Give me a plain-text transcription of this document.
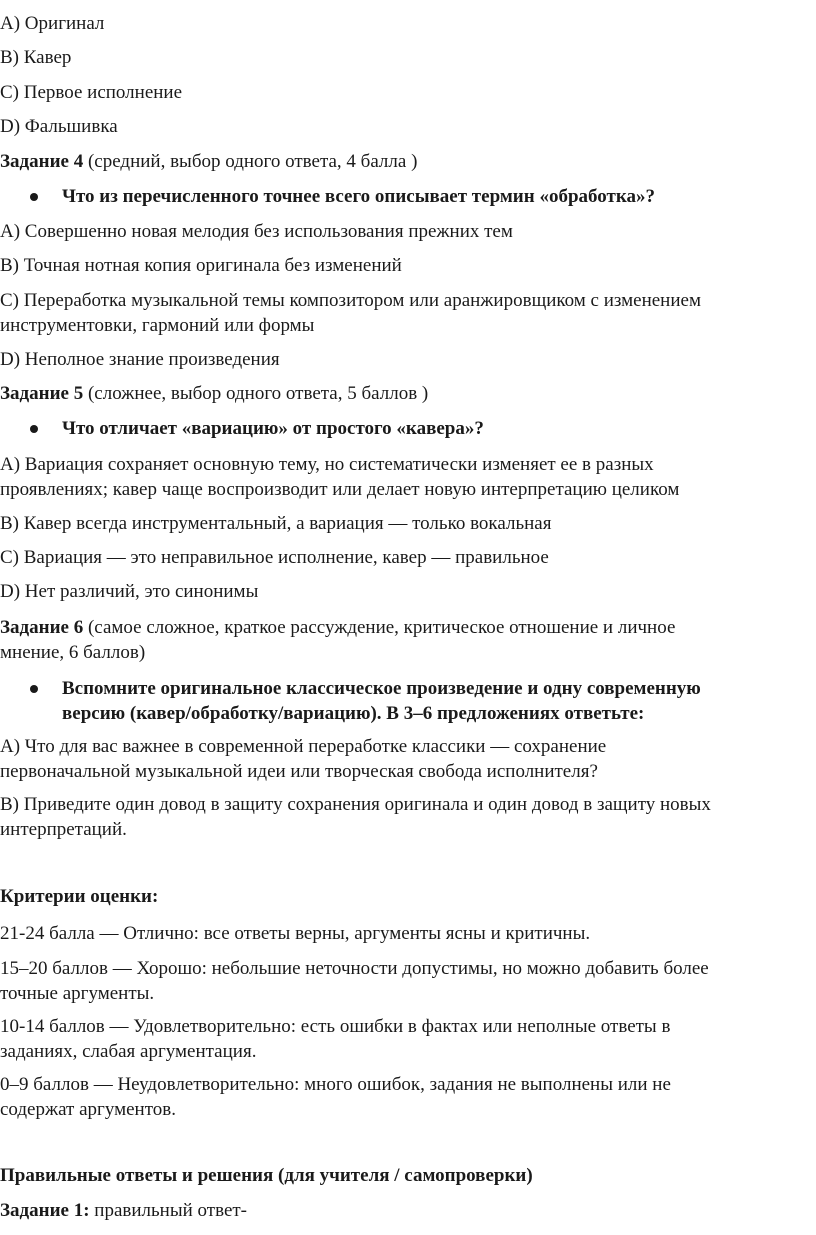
A) Оригинал
B) Кавер
C) Первое исполнение
D) Фальшивка
Задание 4 (средний, выбор одного ответа, 4 балла )
Что из перечисленного точнее всего описывает термин «обработка»?
A) Совершенно новая мелодия без использования прежних тем
B) Точная нотная копия оригинала без изменений
C) Переработка музыкальной темы композитором или аранжировщиком с изменением
инструментовки, гармоний или формы
D) Неполное знание произведения
Задание 5 (сложнее, выбор одного ответа, 5 баллов )
Что отличает «вариацию» от простого «кавера»?
A) Вариация сохраняет основную тему, но систематически изменяет ее в разных
проявлениях; кавер чаще воспроизводит или делает новую интерпретацию целиком
B) Кавер всегда инструментальный, а вариация — только вокальная
C) Вариация — это неправильное исполнение, кавер — правильное
D) Нет различий, это синонимы
Задание 6 (самое сложное, краткое рассуждение, критическое отношение и личное
мнение, 6 баллов)
Вспомните оригинальное классическое произведение и одну современную
версию (кавер/обработку/вариацию). В 3–6 предложениях ответьте:
A) Что для вас важнее в современной переработке классики — сохранение
первоначальной музыкальной идеи или творческая свобода исполнителя?
B) Приведите один довод в защиту сохранения оригинала и один довод в защиту новых
интерпретаций.
Критерии оценки:
21-24 балла — Отлично: все ответы верны, аргументы ясны и критичны.
15–20 баллов — Хорошо: небольшие неточности допустимы, но можно добавить более
точные аргументы.
10-14 баллов — Удовлетворительно: есть ошибки в фактах или неполные ответы в
заданиях, слабая аргументация.
0–9 баллов — Неудовлетворительно: много ошибок, задания не выполнены или не
содержат аргументов.
Правильные ответы и решения (для учителя / самопроверки)
Задание 1: правильный ответ-
